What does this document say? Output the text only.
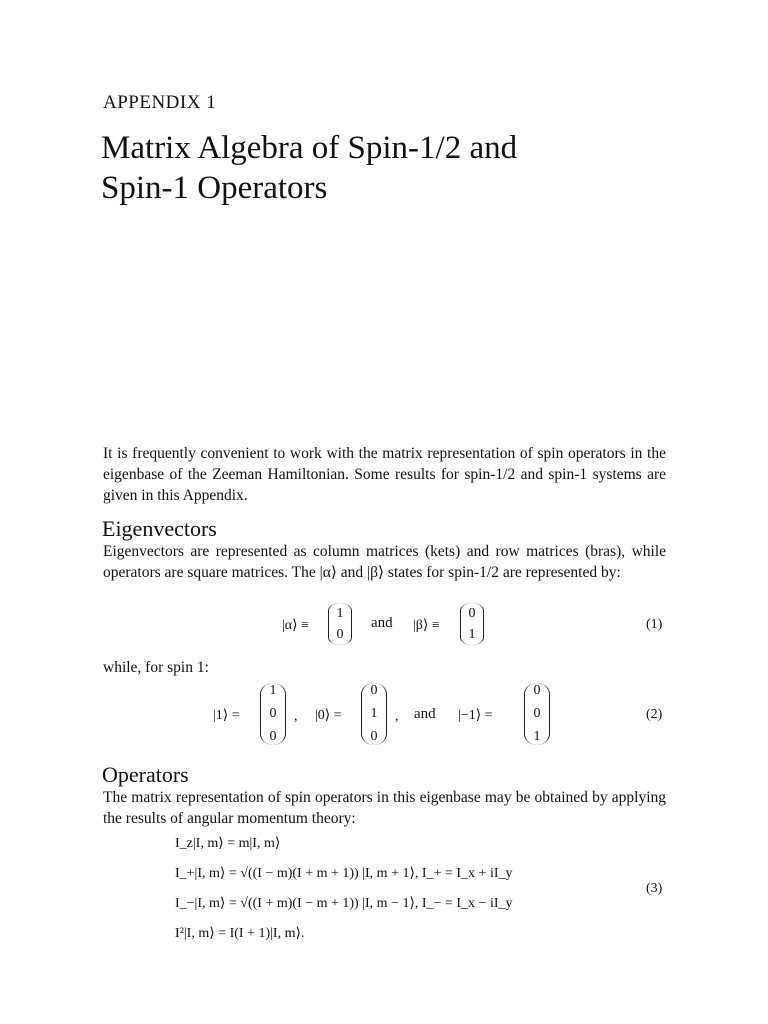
APPENDIX 1
Matrix Algebra of Spin-1/2 and
Spin-1 Operators
It is frequently convenient to work with the matrix representation of spin operators in the eigenbase of the Zeeman Hamiltonian. Some results for spin-1/2 and spin-1 systems are given in this Appendix.
Eigenvectors
Eigenvectors are represented as column matrices (kets) and row matrices (bras), while operators are square matrices. The |α⟩ and |β⟩ states for spin-1/2 are represented by:
|α⟩ ≡
1
0
and |β⟩ ≡
0
1
(1)
while, for spin 1:
|1⟩ =
1
0
0
, |0⟩ =
0
1
0
, and |−1⟩ =
0
0
1
(2)
Operators
The matrix representation of spin operators in this eigenbase may be obtained by applying the results of angular momentum theory:
I_z|I, m⟩ = m|I, m⟩
I_+|I, m⟩ = √((I − m)(I + m + 1)) |I, m + 1⟩, I_+ = I_x + iI_y
I_−|I, m⟩ = √((I + m)(I − m + 1)) |I, m − 1⟩, I_− = I_x − iI_y
I²|I, m⟩ = I(I + 1)|I, m⟩.
(3)
